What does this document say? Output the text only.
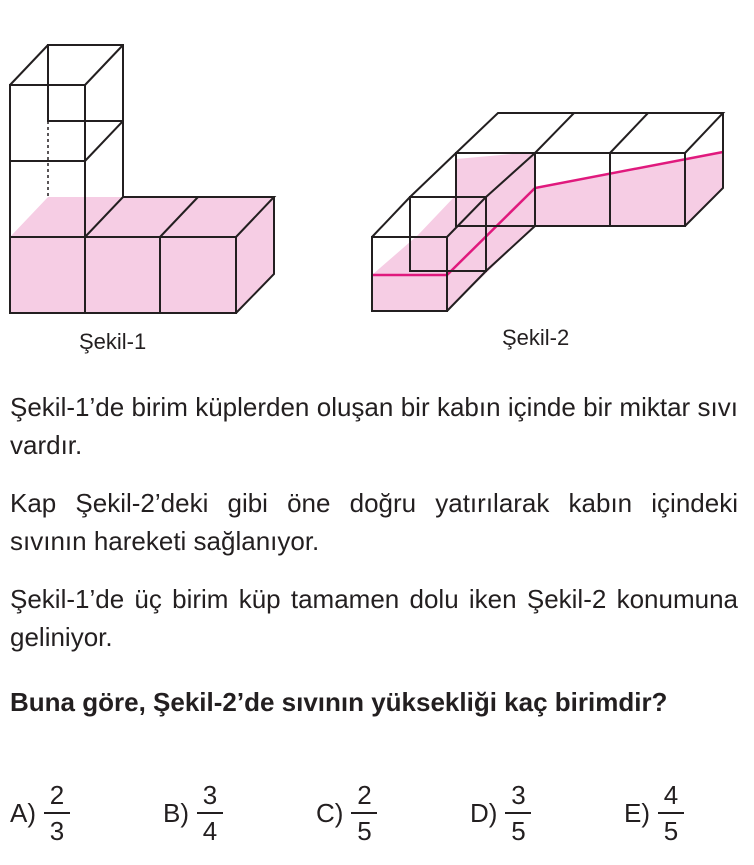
Şekil-1	Şekil-2
Şekil-1’de birim küplerden oluşan bir kabın içinde bir miktar sıvı vardır.
Kap Şekil-2’deki gibi öne doğru yatırılarak kabın içindeki sıvının hareketi sağlanıyor.
Şekil-1’de üç birim küp tamamen dolu iken Şekil-2 konumuna geliniyor.
Buna göre, Şekil-2’de sıvının yüksekliği kaç birimdir?
$A) \frac{2}{3}$	$B) \frac{3}{4}$	$C) \frac{2}{5}$	$D) \frac{3}{5}$	$E) \frac{4}{5}$
